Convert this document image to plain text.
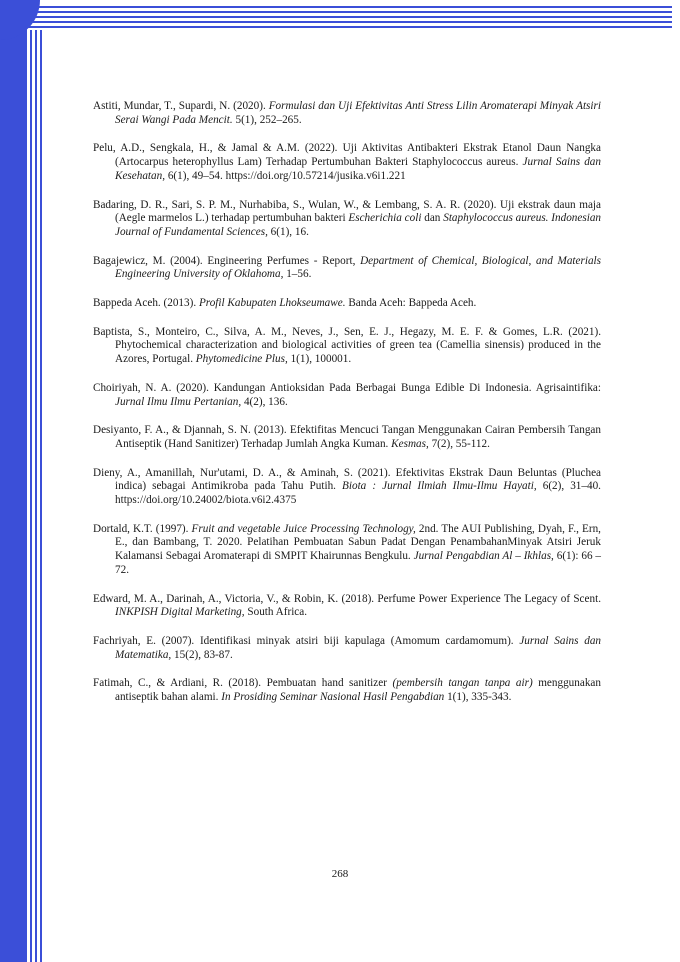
Astiti, Mundar, T., Supardi, N. (2020). Formulasi dan Uji Efektivitas Anti Stress Lilin Aromaterapi Minyak Atsiri Serai Wangi Pada Mencit. 5(1), 252–265.

Pelu, A.D., Sengkala, H., & Jamal & A.M. (2022). Uji Aktivitas Antibakteri Ekstrak Etanol Daun Nangka (Artocarpus heterophyllus Lam) Terhadap Pertumbuhan Bakteri Staphylococcus aureus. Jurnal Sains dan Kesehatan, 6(1), 49–54. https://doi.org/10.57214/jusika.v6i1.221

Badaring, D. R., Sari, S. P. M., Nurhabiba, S., Wulan, W., & Lembang, S. A. R. (2020). Uji ekstrak daun maja (Aegle marmelos L.) terhadap pertumbuhan bakteri Escherichia coli dan Staphylococcus aureus. Indonesian Journal of Fundamental Sciences, 6(1), 16.

Bagajewicz, M. (2004). Engineering Perfumes - Report, Department of Chemical, Biological, and Materials Engineering University of Oklahoma, 1–56.

Bappeda Aceh. (2013). Profil Kabupaten Lhokseumawe. Banda Aceh: Bappeda Aceh.

Baptista, S., Monteiro, C., Silva, A. M., Neves, J., Sen, E. J., Hegazy, M. E. F. & Gomes, L.R. (2021). Phytochemical characterization and biological activities of green tea (Camellia sinensis) produced in the Azores, Portugal. Phytomedicine Plus, 1(1), 100001.

Choiriyah, N. A. (2020). Kandungan Antioksidan Pada Berbagai Bunga Edible Di Indonesia. Agrisaintifika: Jurnal Ilmu Ilmu Pertanian, 4(2), 136.

Desiyanto, F. A., & Djannah, S. N. (2013). Efektifitas Mencuci Tangan Menggunakan Cairan Pembersih Tangan Antiseptik (Hand Sanitizer) Terhadap Jumlah Angka Kuman. Kesmas, 7(2), 55-112.

Dieny, A., Amanillah, Nur'utami, D. A., & Aminah, S. (2021). Efektivitas Ekstrak Daun Beluntas (Pluchea indica) sebagai Antimikroba pada Tahu Putih. Biota : Jurnal Ilmiah Ilmu-Ilmu Hayati, 6(2), 31–40. https://doi.org/10.24002/biota.v6i2.4375

Dortald, K.T. (1997). Fruit and vegetable Juice Processing Technology, 2nd. The AUI Publishing, Dyah, F., Ern, E., dan Bambang, T. 2020. Pelatihan Pembuatan Sabun Padat Dengan PenambahanMinyak Atsiri Jeruk Kalamansi Sebagai Aromaterapi di SMPIT Khairunnas Bengkulu. Jurnal Pengabdian Al – Ikhlas, 6(1): 66 – 72.

Edward, M. A., Darinah, A., Victoria, V., & Robin, K. (2018). Perfume Power Experience The Legacy of Scent. INKPISH Digital Marketing, South Africa.

Fachriyah, E. (2007). Identifikasi minyak atsiri biji kapulaga (Amomum cardamomum). Jurnal Sains dan Matematika, 15(2), 83-87.

Fatimah, C., & Ardiani, R. (2018). Pembuatan hand sanitizer (pembersih tangan tanpa air) menggunakan antiseptik bahan alami. In Prosiding Seminar Nasional Hasil Pengabdian 1(1), 335-343.

268
